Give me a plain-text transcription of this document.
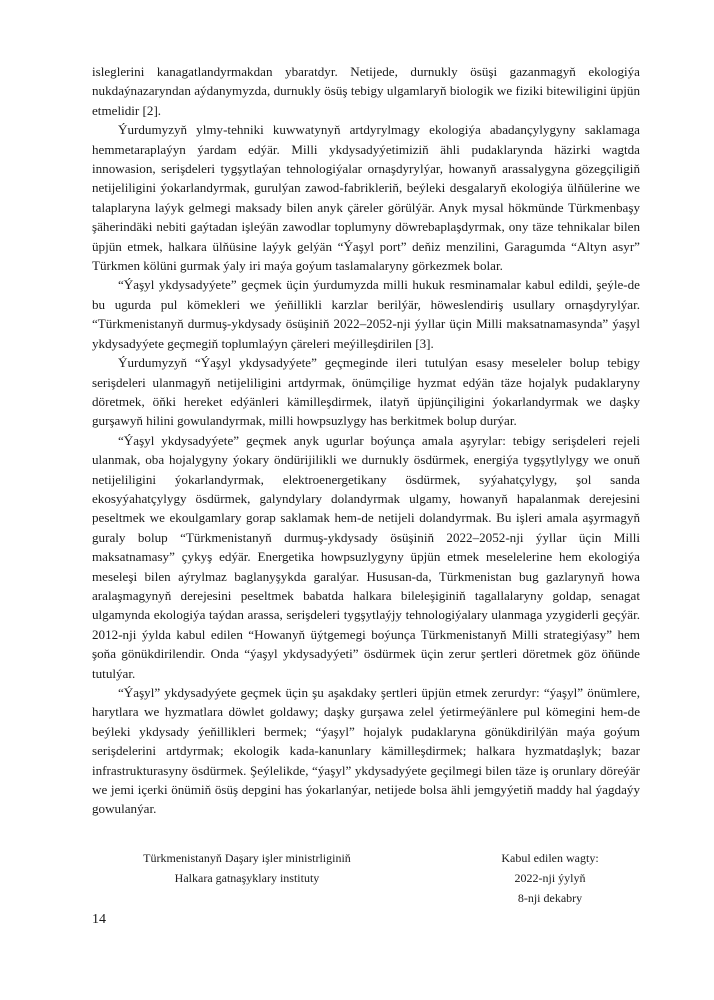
isleglerini kanagatlandyrmakdan ybaratdyr. Netijede, durnukly ösüşi gazanmagyň ekologiýa nukdaýnazaryndan aýdanymyzda, durnukly ösüş tebigy ulgamlaryň biologik we fiziki bitewiligini üpjün etmelidir [2].

Ýurdumyzyň ylmy-tehniki kuwwatynyň artdyrylmagy ekologiýa abadançylygyny saklamaga hemmetaraplaýyn ýardam edýär. Milli ykdysadyýetimiziň ähli pudaklarynda häzirki wagtda innowasion, serişdeleri tygşytlaýan tehnologiýalar ornaşdyrylýar, howanyň arassalygyna gözegçiligiň netijeliligini ýokarlandyrmak, gurulýan zawod-fabrikleriň, beýleki desgalaryň ekologiýa ülňülerine we talaplaryna laýyk gelmegi maksady bilen anyk çäreler görülýär. Anyk mysal hökmünde Türkmenbaşy şäherindäki nebiti gaýtadan işleýän zawodlar toplumyny döwrebaplaşdyrmak, ony täze tehnikalar bilen üpjün etmek, halkara ülňüsine laýyk gelýän “Ýaşyl port” deňiz menzilini, Garagumda “Altyn asyr” Türkmen kölüni gurmak ýaly iri maýa goýum taslamalaryny görkezmek bolar.

“Ýaşyl ykdysadyýete” geçmek üçin ýurdumyzda milli hukuk resminamalar kabul edildi, şeýle-de bu ugurda pul kömekleri we ýeňillikli karzlar berilýär, höweslendiriş usullary ornaşdyrylýar. “Türkmenistanyň durmuş-ykdysady ösüşiniň 2022–2052-nji ýyllar üçin Milli maksatnamasynda” ýaşyl ykdysadyýete geçmegiň toplumlaýyn çäreleri meýilleşdirilen [3].

Ýurdumyzyň “Ýaşyl ykdysadyýete” geçmeginde ileri tutulýan esasy meseleler bolup tebigy serişdeleri ulanmagyň netijeliligini artdyrmak, önümçilige hyzmat edýän täze hojalyk pudaklaryny döretmek, öňki hereket edýänleri kämilleşdirmek, ilatyň üpjünçiligini ýokarlandyrmak we daşky gurşawyň hilini gowulandyrmak, milli howpsuzlygy has berkitmek bolup durýar.

“Ýaşyl ykdysadyýete” geçmek anyk ugurlar boýunça amala aşyrylar: tebigy serişdeleri rejeli ulanmak, oba hojalygyny ýokary öndürijilikli we durnukly ösdürmek, energiýa tygşytlylygy we onuň netijeliligini ýokarlandyrmak, elektroenergetikany ösdürmek, syýahatçylygy, şol sanda ekosyýahatçylygy ösdürmek, galyndylary dolandyrmak ulgamy, howanyň hapalanmak derejesini peseltmek we ekoulgamlary gorap saklamak hem-de netijeli dolandyrmak. Bu işleri amala aşyrmagyň guraly bolup “Türkmenistanyň durmuş-ykdysady ösüşiniň 2022–2052-nji ýyllar üçin Milli maksatnamasy” çykyş edýär. Energetika howpsuzlygyny üpjün etmek meselelerine hem ekologiýa meseleşi bilen aýrylmaz baglanyşykda garalýar. Hususan-da, Türkmenistan bug gazlarynyň howa aralaşmagynyň derejesini peseltmek babatda halkara bileleşiginiň tagallalaryny goldap, senagat ulgamynda ekologiýa taýdan arassa, serişdeleri tygşytlaýjy tehnologiýalary ulanmaga yzygiderli geçýär. 2012-nji ýylda kabul edilen “Howanyň üýtgemegi boýunça Türkmenistanyň Milli strategiýasy” hem şoňa gönükdirilendir. Onda “ýaşyl ykdysadyýeti” ösdürmek üçin zerur şertleri döretmek göz öňünde tutulýar.

“Ýaşyl” ykdysadyýete geçmek üçin şu aşakdaky şertleri üpjün etmek zerurdyr: “ýaşyl” önümlere, harytlara we hyzmatlara döwlet goldawy; daşky gurşawa zelel ýetirmeýänlere pul kömegini hem-de beýleki ykdysady ýeňillikleri bermek; “ýaşyl” hojalyk pudaklaryna gönükdirilýän maýa goýum serişdelerini artdyrmak; ekologik kada-kanunlary kämilleşdirmek; halkara hyzmatdaşlyk; bazar infrastrukturasyny ösdürmek. Şeýlelikde, “ýaşyl” ykdysadyýete geçilmegi bilen täze iş orunlary döreýär we jemi içerki önümiň ösüş depgini has ýokarlanýar, netijede bolsa ähli jemgyýetiň maddy hal ýagdaýy gowulanýar.

Türkmenistanyň Daşary işler ministrliginiň
Halkara gatnaşyklary instituty
Kabul edilen wagty:
2022-nji ýylyň
8-nji dekabry
14
